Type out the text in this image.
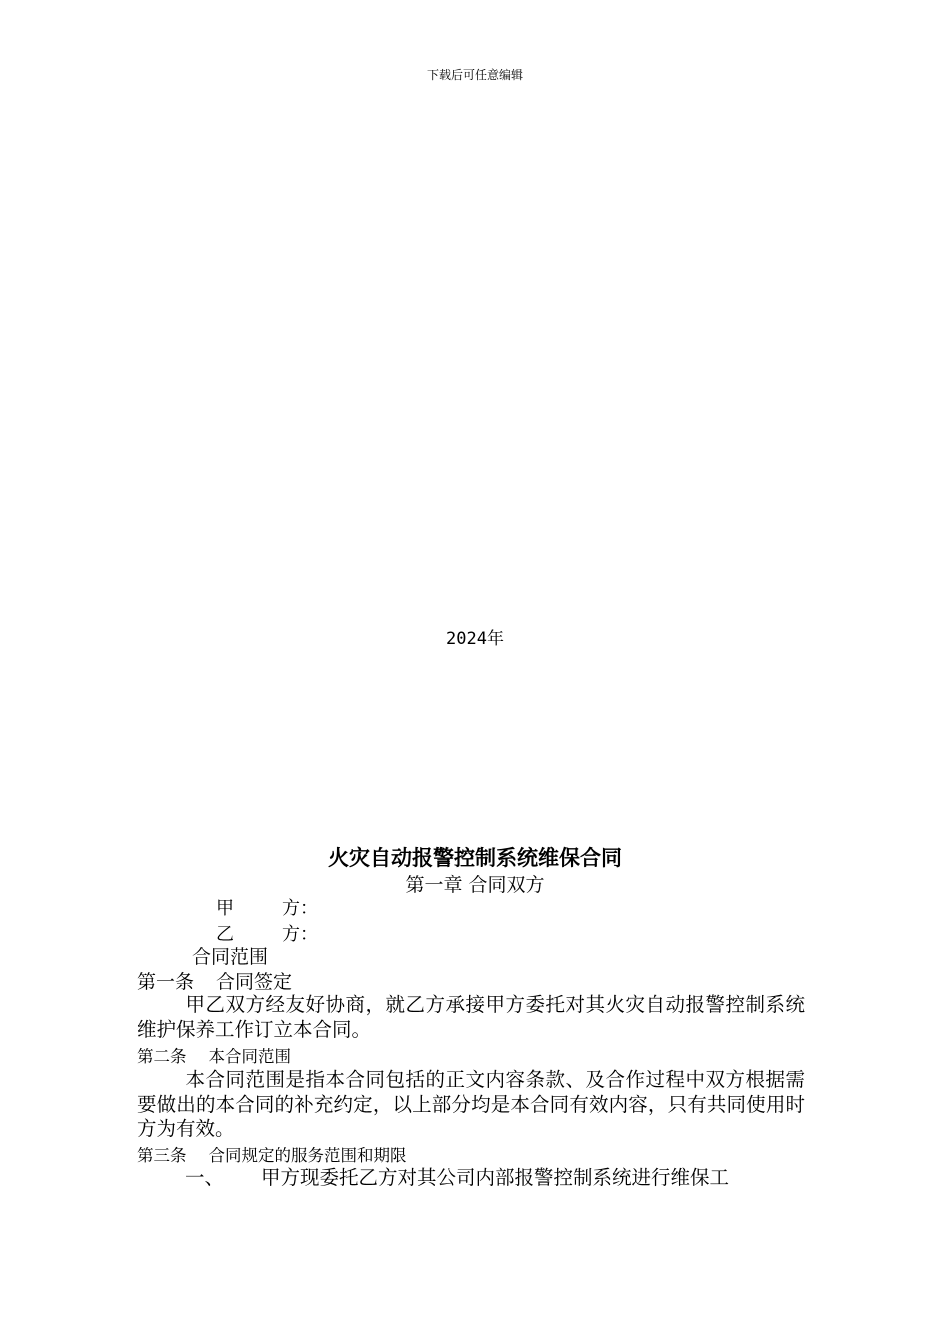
下载后可任意编辑
2024年
火灾自动报警控制系统维保合同
第一章 合同双方
甲	方：
乙	方：
合同范围
第一条 合同签定
甲乙双方经友好协商，就乙方承接甲方委托对其火灾自动报警控制系统维护保养工作订立本合同。
第二条 本合同范围
本合同范围是指本合同包括的正文内容条款、及合作过程中双方根据需要做出的本合同的补充约定，以上部分均是本合同有效内容，只有共同使用时方为有效。
第三条 合同规定的服务范围和期限
一、 甲方现委托乙方对其公司内部报警控制系统进行维保工
